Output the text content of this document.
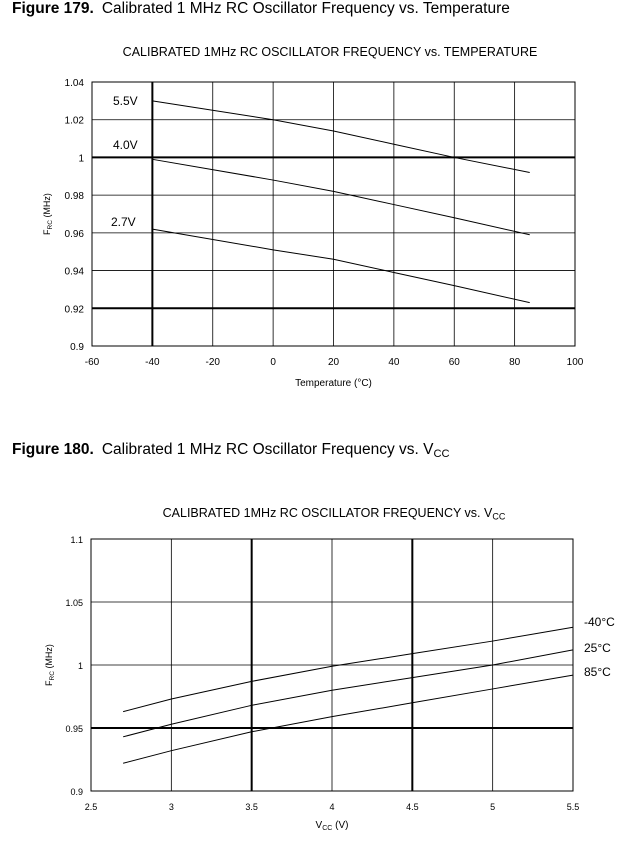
Figure 179. Calibrated 1 MHz RC Oscillator Frequency vs. Temperature
CALIBRATED 1MHz RC OSCILLATOR FREQUENCY vs. TEMPERATURE
-60	-40	-20	0	20	40	60	80	100
0.9
0.92
0.94
0.96
0.98
1
1.02
1.04
Temperature (°C)
$F_{RC}$ (MHz)
5.5V
4.0V
2.7V
Figure 180. Calibrated 1 MHz RC Oscillator Frequency vs. $V_{CC}$
CALIBRATED 1MHz RC OSCILLATOR FREQUENCY vs. $V_{CC}$
2.5	3	3.5	4	4.5	5	5.5
0.9
0.95
1
1.05
1.1
$V_{CC}$ (V)
$F_{RC}$ (MHz)
-40°C
25°C
85°C
